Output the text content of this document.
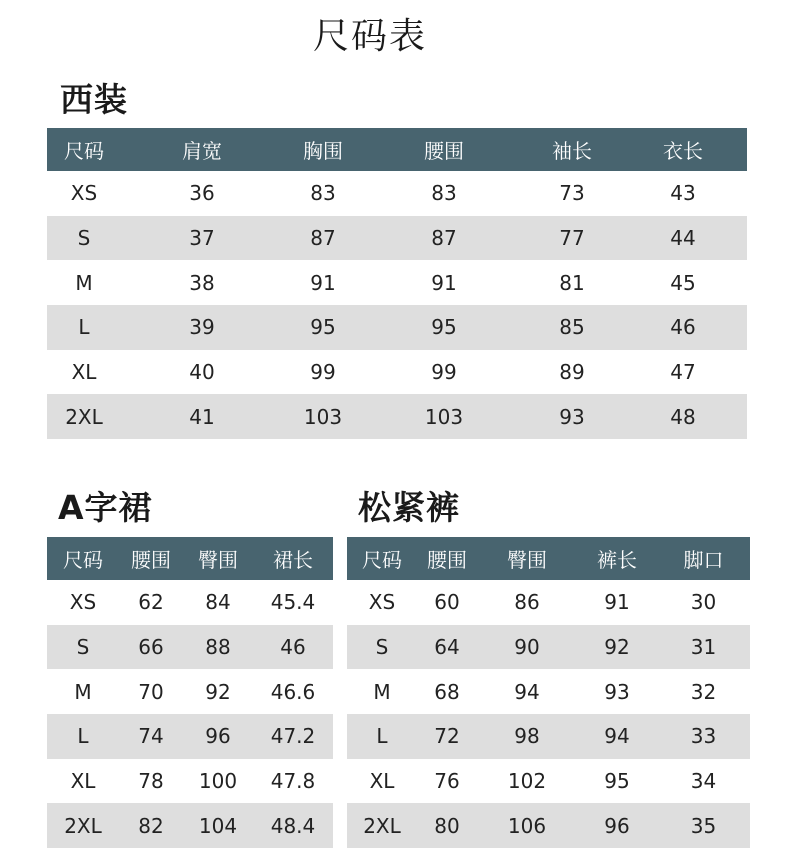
尺码表
西装
尺码	肩宽	胸围	腰围	袖长	衣长
XS	36	83	83	73	43
S	37	87	87	77	44
M	38	91	91	81	45
L	39	95	95	85	46
XL	40	99	99	89	47
2XL	41	103	103	93	48
A字裙
尺码	腰围	臀围	裙长
XS	62	84	45.4
S	66	88	46
M	70	92	46.6
L	74	96	47.2
XL	78	100	47.8
2XL	82	104	48.4
松紧裤
尺码	腰围	臀围	裤长	脚口
XS	60	86	91	30
S	64	90	92	31
M	68	94	93	32
L	72	98	94	33
XL	76	102	95	34
2XL	80	106	96	35
